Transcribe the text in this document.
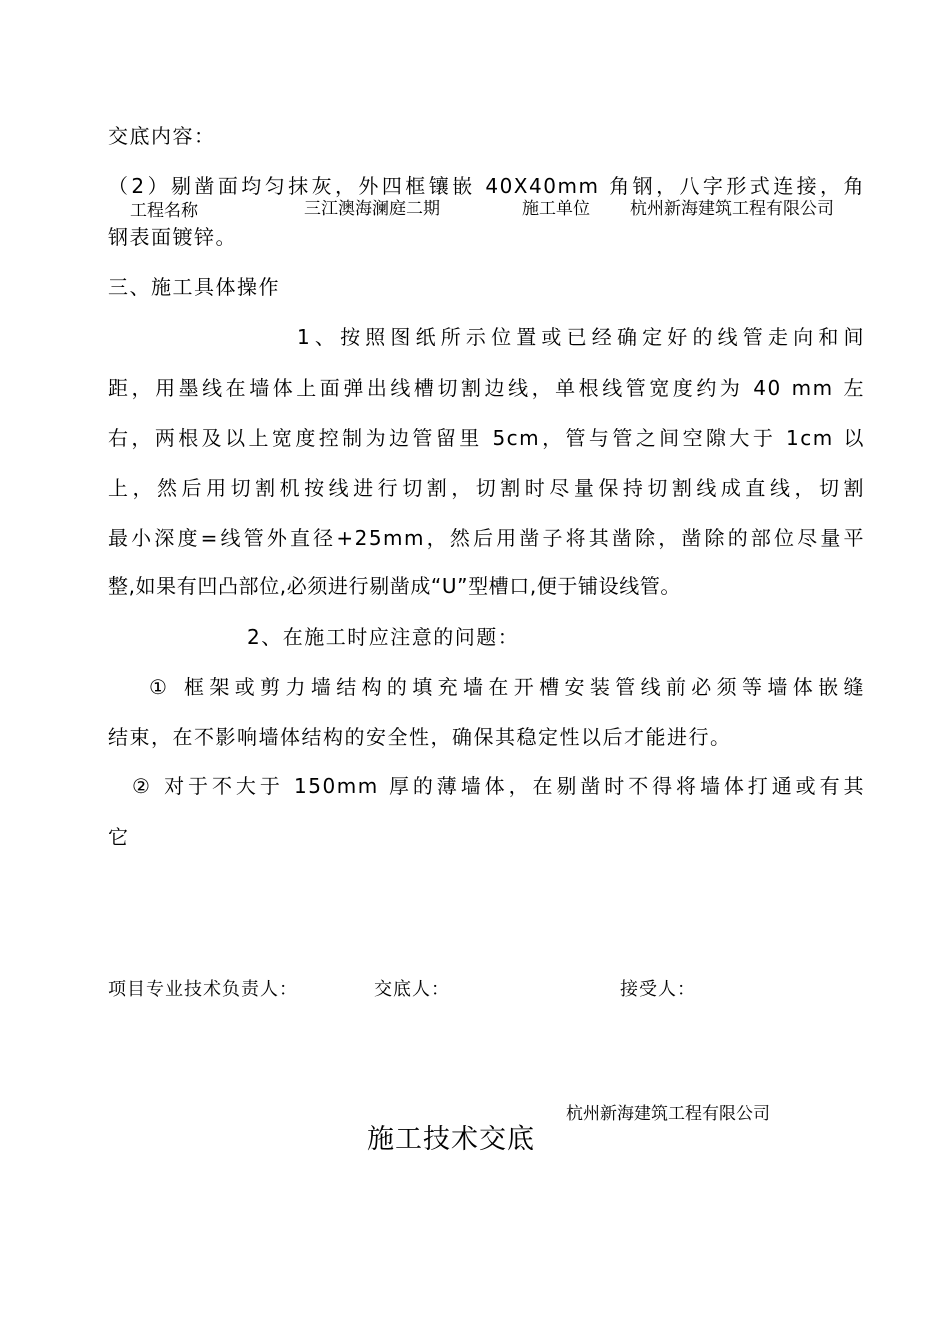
交底内容：
（2）剔凿面均匀抹灰，外四框镶嵌 40X40mm 角钢，八字形式连接，角
工程名称	三江澳海澜庭二期	施工单位 杭州新海建筑工程有限公司
钢表面镀锌。
三、施工具体操作
1、按照图纸所示位置或已经确定好的线管走向和间
距，用墨线在墙体上面弹出线槽切割边线，单根线管宽度约为 40 mm 左
右，两根及以上宽度控制为边管留里 5cm，管与管之间空隙大于 1cm 以
上，然后用切割机按线进行切割，切割时尽量保持切割线成直线，切割
最小深度=线管外直径+25mm，然后用凿子将其凿除，凿除的部位尽量平
整,如果有凹凸部位,必须进行剔凿成“U”型槽口,便于铺设线管。
2、在施工时应注意的问题：
① 框架或剪力墙结构的填充墙在开槽安装管线前必须等墙体嵌缝
结束，在不影响墙体结构的安全性，确保其稳定性以后才能进行。
② 对于不大于 150mm 厚的薄墙体，在剔凿时不得将墙体打通或有其
它
项目专业技术负责人：	交底人：	接受人：
杭州新海建筑工程有限公司
施工技术交底
